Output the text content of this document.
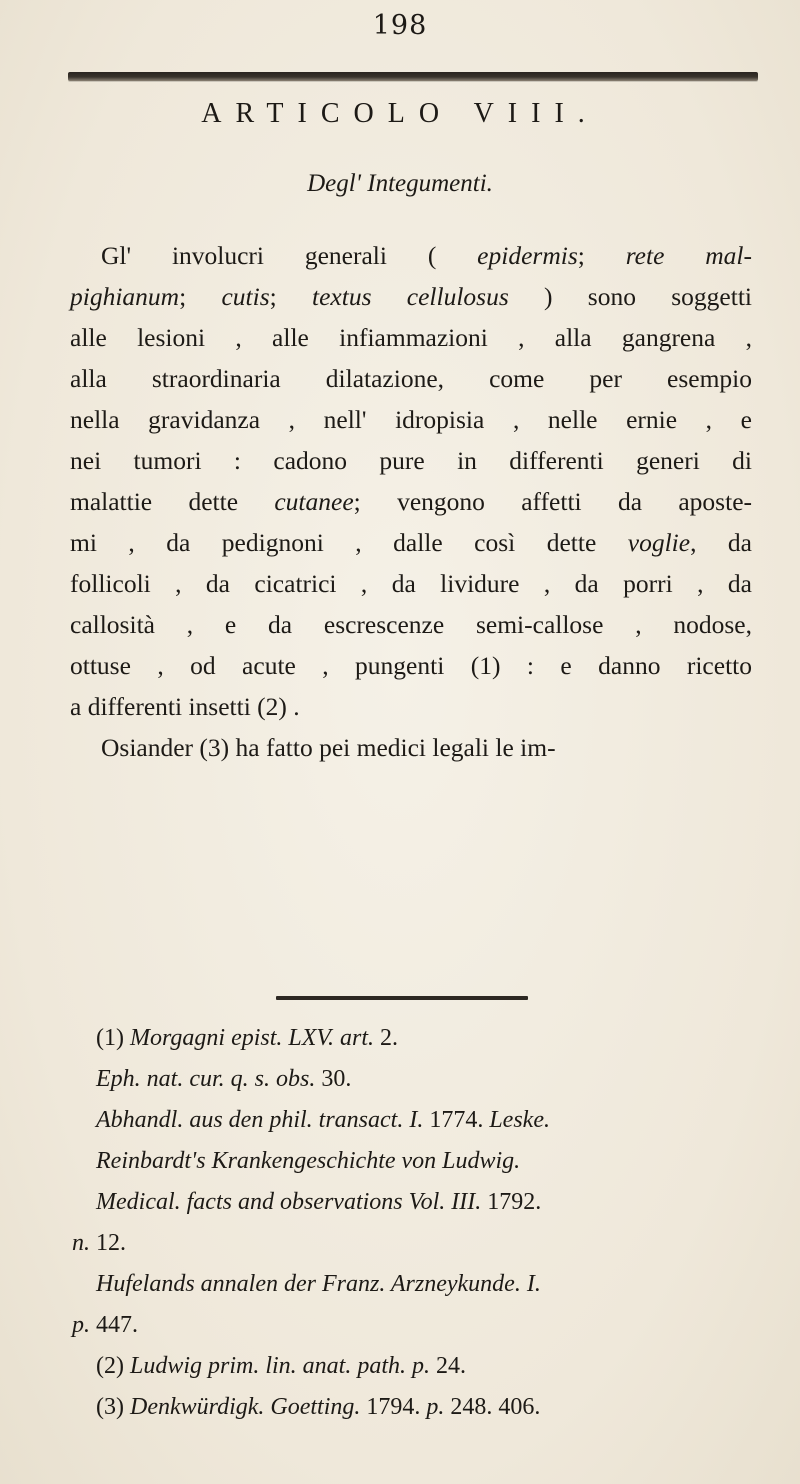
198
ARTICOLO VIII.
Degl' Integumenti.
Gl' involucri generali ( epidermis; rete mal-
pighianum; cutis; textus cellulosus ) sono soggetti
alle lesioni , alle infiammazioni , alla gangrena ,
alla straordinaria dilatazione, come per esempio
nella gravidanza , nell' idropisia , nelle ernie , e
nei tumori : cadono pure in differenti generi di
malattie dette cutanee; vengono affetti da aposte-
mi , da pedignoni , dalle così dette voglie, da
follicoli , da cicatrici , da lividure , da porri , da
callosità , e da escrescenze semi-callose , nodose,
ottuse , od acute , pungenti (1) : e danno ricetto
a differenti insetti (2) .
Osiander (3) ha fatto pei medici legali le im-
(1) Morgagni epist. LXV. art. 2.
Eph. nat. cur. q. s. obs. 30.
Abhandl. aus den phil. transact. I. 1774. Leske.
Reinbardt's Krankengeschichte von Ludwig.
Medical. facts and observations Vol. III. 1792.
n. 12.
Hufelands annalen der Franz. Arzneykunde. I.
p. 447.
(2) Ludwig prim. lin. anat. path. p. 24.
(3) Denkwürdigk. Goetting. 1794. p. 248. 406.
